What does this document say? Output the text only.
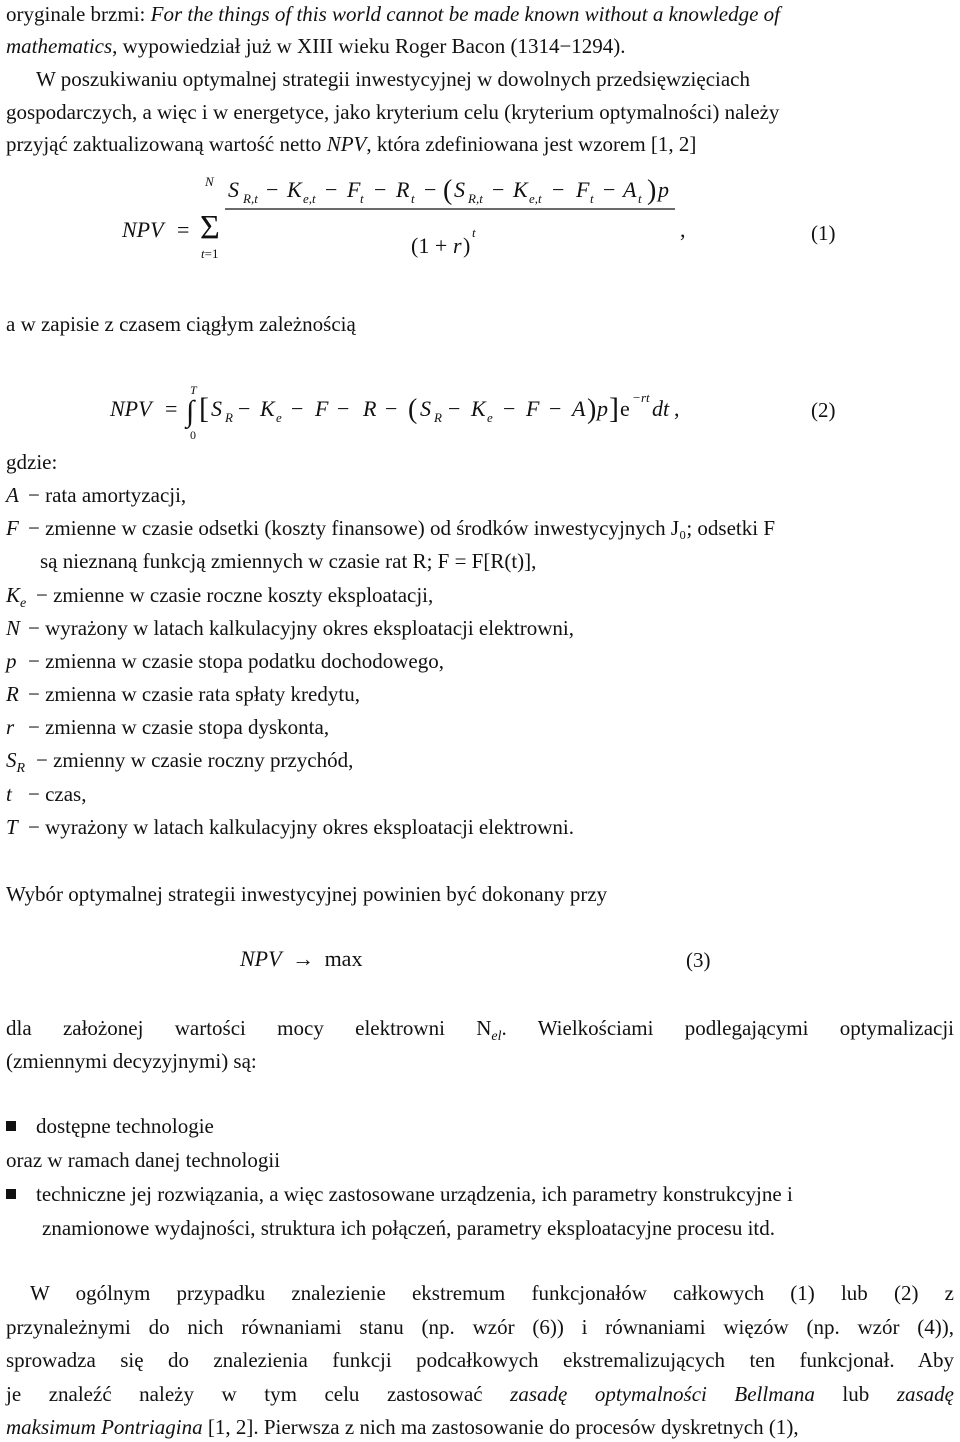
oryginale brzmi: For the things of this world cannot be made known without a knowledge of
mathematics, wypowiedział już w XIII wieku Roger Bacon (1314−1294).
W poszukiwaniu optymalnej strategii inwestycyjnej w dowolnych przedsięwzięciach
gospodarczych, a więc i w energetyce, jako kryterium celu (kryterium optymalności) należy
przyjąć zaktualizowaną wartość netto NPV, która zdefiniowana jest wzorem [1, 2]
NPV =
N
Σ
t=1
S R,t − K e,t − F t − R t − ( S R,t − K e,t − F t − A t ) p
(1 + r )
t	,	(1)
a w zapisie z czasem ciągłym zależnością
NPV =
T
∫
0
[ S R − K e − F − R − ( S R − K e − F − A ) p ] e − rt dt ,	(2)
gdzie:
A − rata amortyzacji,
F − zmienne w czasie odsetki (koszty finansowe) od środków inwestycyjnych J₀; odsetki F
są nieznaną funkcją zmiennych w czasie rat R; F = F[R(t)],
$K_e$ − zmienne w czasie roczne koszty eksploatacji,
N − wyrażony w latach kalkulacyjny okres eksploatacji elektrowni,
p − zmienna w czasie stopa podatku dochodowego,
R − zmienna w czasie rata spłaty kredytu,
r − zmienna w czasie stopa dyskonta,
$S_R$ − zmienny w czasie roczny przychód,
t − czas,
T − wyrażony w latach kalkulacyjny okres eksploatacji elektrowni.
Wybór optymalnej strategii inwestycyjnej powinien być dokonany przy
NPV → max	(3)
dla założonej wartości mocy elektrowni $N_{el}$. Wielkościami podlegającymi optymalizacji
(zmiennymi decyzyjnymi) są:
dostępne technologie
oraz w ramach danej technologii
techniczne jej rozwiązania, a więc zastosowane urządzenia, ich parametry konstrukcyjne i
znamionowe wydajności, struktura ich połączeń, parametry eksploatacyjne procesu itd.
W ogólnym przypadku znalezienie ekstremum funkcjonałów całkowych (1) lub (2) z
przynależnymi do nich równaniami stanu (np. wzór (6)) i równaniami więzów (np. wzór (4)),
sprowadza się do znalezienia funkcji podcałkowych ekstremalizujących ten funkcjonał. Aby
je znaleźć należy w tym celu zastosować zasadę optymalności Bellmana lub zasadę
maksimum Pontriagina [1, 2]. Pierwsza z nich ma zastosowanie do procesów dyskretnych (1),
